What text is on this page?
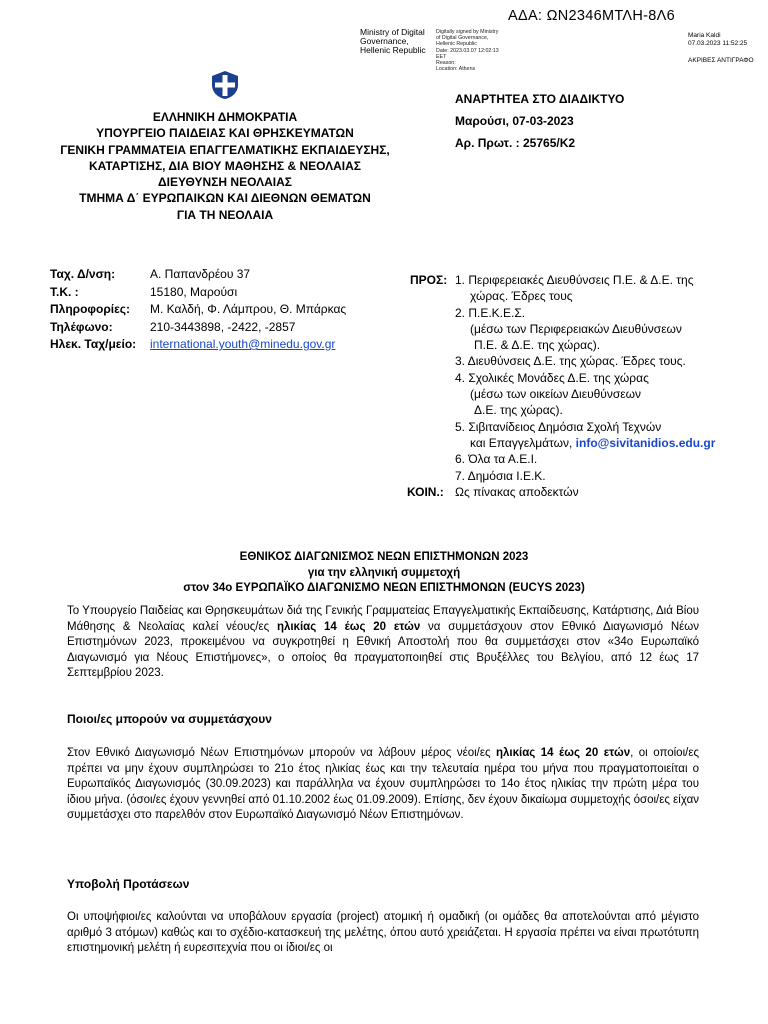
ΑΔΑ: ΩΝ2346ΜΤΛΗ-8Λ6
Ministry of Digital
Governance,
Hellenic Republic
Digitally signed by Ministry
of Digital Governance,
Hellenic Republic
Date: 2023.03.07 12:02:13
EET
Reason:
Location: Athens
Maria Kaldi
07.03.2023 11:52:25
ΑΚΡΙΒΕΣ ΑΝΤΙΓΡΑΦΟ
ΕΛΛΗΝΙΚΗ ΔΗΜΟΚΡΑΤΙΑ
ΥΠΟΥΡΓΕΙΟ ΠΑΙΔΕΙΑΣ ΚΑΙ ΘΡΗΣΚΕΥΜΑΤΩΝ
ΓΕΝΙΚΗ ΓΡΑΜΜΑΤΕΙΑ ΕΠΑΓΓΕΛΜΑΤΙΚΗΣ ΕΚΠΑΙΔΕΥΣΗΣ,
ΚΑΤΑΡΤΙΣΗΣ, ΔΙΑ ΒΙΟΥ ΜΑΘΗΣΗΣ & ΝΕΟΛΑΙΑΣ
ΔΙΕΥΘΥΝΣΗ ΝΕΟΛΑΙΑΣ
ΤΜΗΜΑ Δ΄ ΕΥΡΩΠΑΙΚΩΝ ΚΑΙ ΔΙΕΘΝΩΝ ΘΕΜΑΤΩΝ
ΓΙΑ ΤΗ ΝΕΟΛΑΙΑ
ΑΝΑΡΤΗΤΕΑ ΣΤΟ ΔΙΑΔΙΚΤΥΟ
Μαρούσι, 07-03-2023
Αρ. Πρωτ. : 25765/Κ2
Ταχ. Δ/νση:	Α. Παπανδρέου 37
Τ.Κ. :	15180, Μαρούσι
Πληροφορίες:	Μ. Καλδή, Φ. Λάμπρου, Θ. Μπάρκας
Τηλέφωνο:	210-3443898, -2422, -2857
Ηλεκ. Ταχ/μείο:	international.youth@minedu.gov.gr
ΠΡΟΣ: 1. Περιφερειακές Διευθύνσεις Π.Ε. & Δ.Ε. της
χώρας. Έδρες τους
2. Π.Ε.Κ.Ε.Σ.
(μέσω των Περιφερειακών Διευθύνσεων
Π.Ε. & Δ.Ε. της χώρας).
3. Διευθύνσεις Δ.Ε. της χώρας. Έδρες τους.
4. Σχολικές Μονάδες Δ.Ε. της χώρας
(μέσω των οικείων Διευθύνσεων
Δ.Ε. της χώρας).
5. Σιβιτανίδειος Δημόσια Σχολή Τεχνών
και Επαγγελμάτων,
info@sivitanidios.edu.gr
6. Όλα τα Α.Ε.Ι.
7. Δημόσια Ι.Ε.Κ.
ΚΟΙΝ.: Ως πίνακας αποδεκτών
ΕΘΝΙΚΟΣ ΔΙΑΓΩΝΙΣΜΟΣ ΝΕΩΝ ΕΠΙΣΤΗΜΟΝΩΝ 2023
για την ελληνική συμμετοχή
στον 34ο ΕΥΡΩΠΑΪΚΟ ΔΙΑΓΩΝΙΣΜΟ ΝΕΩΝ ΕΠΙΣΤΗΜΟΝΩΝ (EUCYS 2023)
Το Υπουργείο Παιδείας και Θρησκευμάτων διά της Γενικής Γραμματείας Επαγγελματικής Εκπαίδευσης, Κατάρτισης, Διά Βίου Μάθησης & Νεολαίας καλεί νέους/ες ηλικίας 14 έως 20 ετών να συμμετάσχουν στον Εθνικό Διαγωνισμό Νέων Επιστημόνων 2023, προκειμένου να συγκροτηθεί η Εθνική Αποστολή που θα συμμετάσχει στον «34ο Ευρωπαϊκό Διαγωνισμό για Νέους Επιστήμονες», ο οποίος θα πραγματοποιηθεί στις Βρυξέλλες του Βελγίου, από 12 έως 17 Σεπτεμβρίου 2023.
Ποιοι/ες μπορούν να συμμετάσχουν
Στον Εθνικό Διαγωνισμό Νέων Επιστημόνων μπορούν να λάβουν μέρος νέοι/ες ηλικίας 14 έως 20 ετών, οι οποίοι/ες πρέπει να μην έχουν συμπληρώσει το 21ο έτος ηλικίας έως και την τελευταία ημέρα του μήνα που πραγματοποιείται ο Ευρωπαϊκός Διαγωνισμός (30.09.2023) και παράλληλα να έχουν συμπληρώσει το 14ο έτος ηλικίας την πρώτη μέρα του ίδιου μήνα. (όσοι/ες έχουν γεννηθεί από 01.10.2002 έως 01.09.2009). Επίσης, δεν έχουν δικαίωμα συμμετοχής όσοι/ες είχαν συμμετάσχει στο παρελθόν στον Ευρωπαϊκό Διαγωνισμό Νέων Επιστημόνων.
Υποβολή Προτάσεων
Οι υποψήφιοι/ες καλούνται να υποβάλουν εργασία (project) ατομική ή ομαδική (οι ομάδες θα αποτελούνται από μέγιστο αριθμό 3 ατόμων) καθώς και το σχέδιο-κατασκευή της μελέτης, όπου αυτό χρειάζεται. Η εργασία πρέπει να είναι πρωτότυπη επιστημονική μελέτη ή ευρεσιτεχνία που οι ίδιοι/ες οι
